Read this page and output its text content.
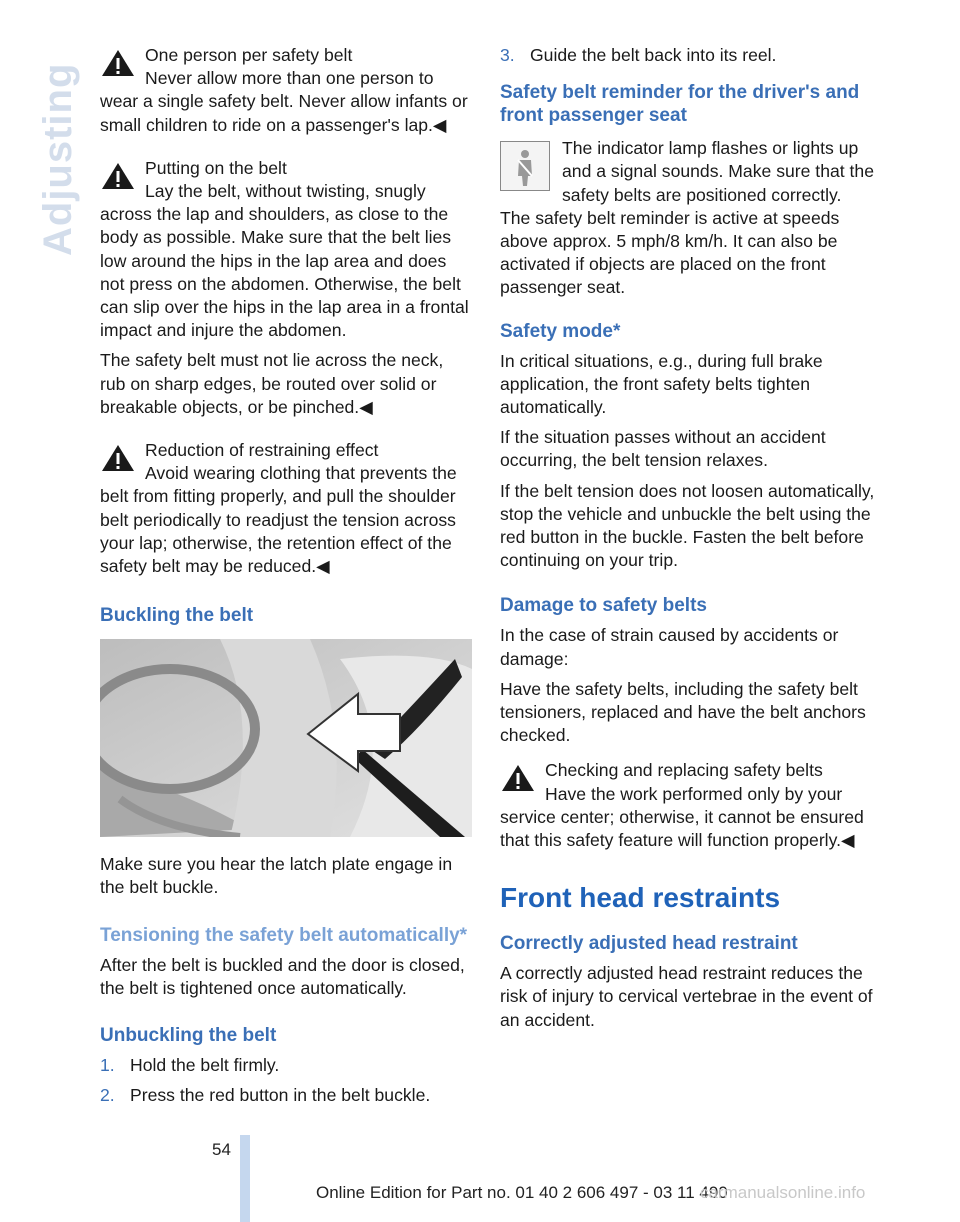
Adjusting

One person per safety belt

Never allow more than one person to wear a single safety belt. Never allow infants or small children to ride on a passenger's lap.◀

Putting on the belt

Lay the belt, without twisting, snugly across the lap and shoulders, as close to the body as possible. Make sure that the belt lies low around the hips in the lap area and does not press on the abdomen. Otherwise, the belt can slip over the hips in the lap area in a frontal impact and injure the abdomen.

The safety belt must not lie across the neck, rub on sharp edges, be routed over solid or breakable objects, or be pinched.◀

Reduction of restraining effect

Avoid wearing clothing that prevents the belt from fitting properly, and pull the shoulder belt periodically to readjust the tension across your lap; otherwise, the retention effect of the safety belt may be reduced.◀

Buckling the belt

Make sure you hear the latch plate engage in the belt buckle.

Tensioning the safety belt automatically*

After the belt is buckled and the door is closed, the belt is tightened once automatically.

Unbuckling the belt
1. Hold the belt firmly.
2. Press the red button in the belt buckle.
3. Guide the belt back into its reel.
Safety belt reminder for the driver's and front passenger seat

The indicator lamp flashes or lights up and a signal sounds. Make sure that the safety belts are positioned correctly.

The safety belt reminder is active at speeds above approx. 5 mph/8 km/h. It can also be activated if objects are placed on the front passenger seat.

Safety mode*

In critical situations, e.g., during full brake application, the front safety belts tighten automatically.

If the situation passes without an accident occurring, the belt tension relaxes.

If the belt tension does not loosen automatically, stop the vehicle and unbuckle the belt using the red button in the buckle. Fasten the belt before continuing on your trip.

Damage to safety belts

In the case of strain caused by accidents or damage:

Have the safety belts, including the safety belt tensioners, replaced and have the belt anchors checked.

Checking and replacing safety belts

Have the work performed only by your service center; otherwise, it cannot be ensured that this safety feature will function properly.◀

Front head restraints
Correctly adjusted head restraint

A correctly adjusted head restraint reduces the risk of injury to cervical vertebrae in the event of an accident.

54
Online Edition for Part no. 01 40 2 606 497 - 03 11 490
carmanualsonline.info
